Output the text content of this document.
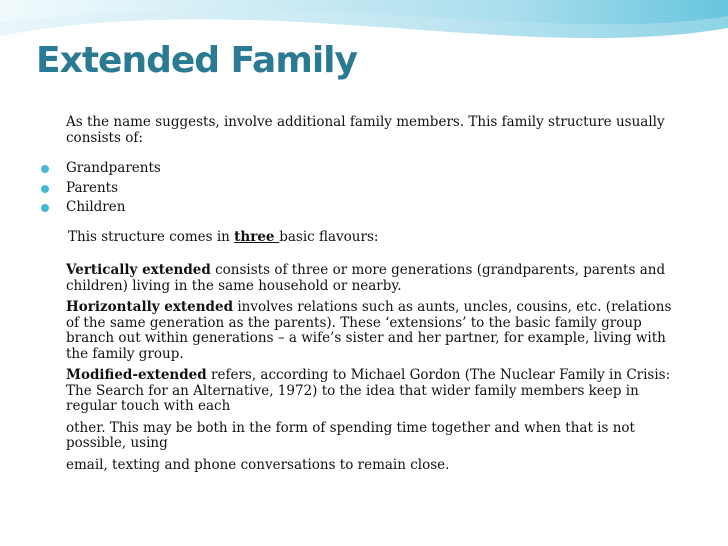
Extended Family

As the name suggests, involve additional family members. This family structure usually consists of:

Grandparents
Parents
Children

This structure comes in three basic flavours:

Vertically extended consists of three or more generations (grandparents, parents and children) living in the same household or nearby.

Horizontally extended involves relations such as aunts, uncles, cousins, etc. (relations of the same generation as the parents). These ‘extensions’ to the basic family group branch out within generations – a wife’s sister and her partner, for example, living with the family group.

Modified-extended refers, according to Michael Gordon (The Nuclear Family in Crisis: The Search for an Alternative, 1972) to the idea that wider family members keep in regular touch with each

other. This may be both in the form of spending time together and when that is not possible, using

email, texting and phone conversations to remain close.
